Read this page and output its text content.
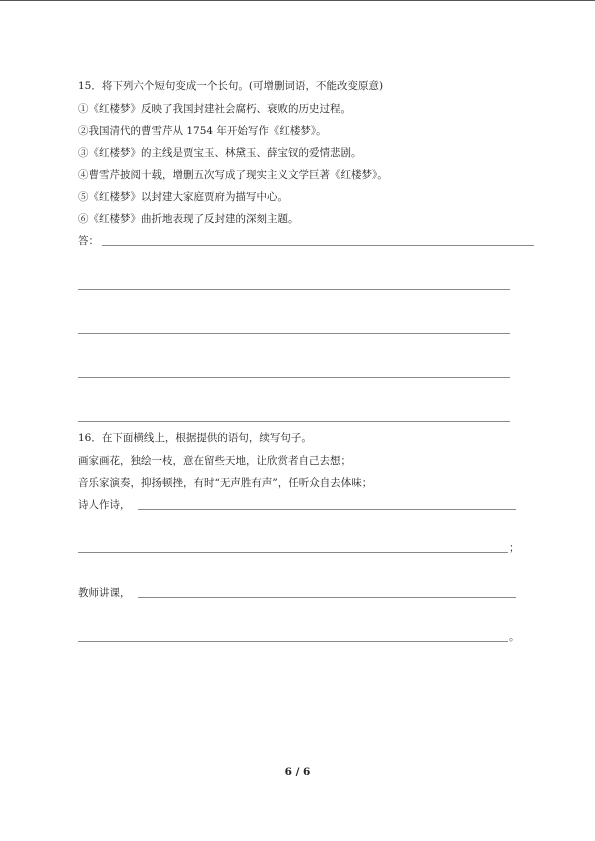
15．将下列六个短句变成一个长句。(可增删词语，不能改变原意)
①《红楼梦》反映了我国封建社会腐朽、衰败的历史过程。
②我国清代的曹雪芹从 1754 年开始写作《红楼梦》。
③《红楼梦》的主线是贾宝玉、林黛玉、薛宝钗的爱情悲剧。
④曹雪芹披阅十载，增删五次写成了现实主义文学巨著《红楼梦》。
⑤《红楼梦》以封建大家庭贾府为描写中心。
⑥《红楼梦》曲折地表现了反封建的深刻主题。
答：
16．在下面横线上，根据提供的语句，续写句子。
画家画花，独绘一枝，意在留些天地，让欣赏者自己去想；
音乐家演奏，抑扬顿挫，有时“无声胜有声”，任听众自去体味；
诗人作诗，
；
教师讲课，
。
6 / 6
